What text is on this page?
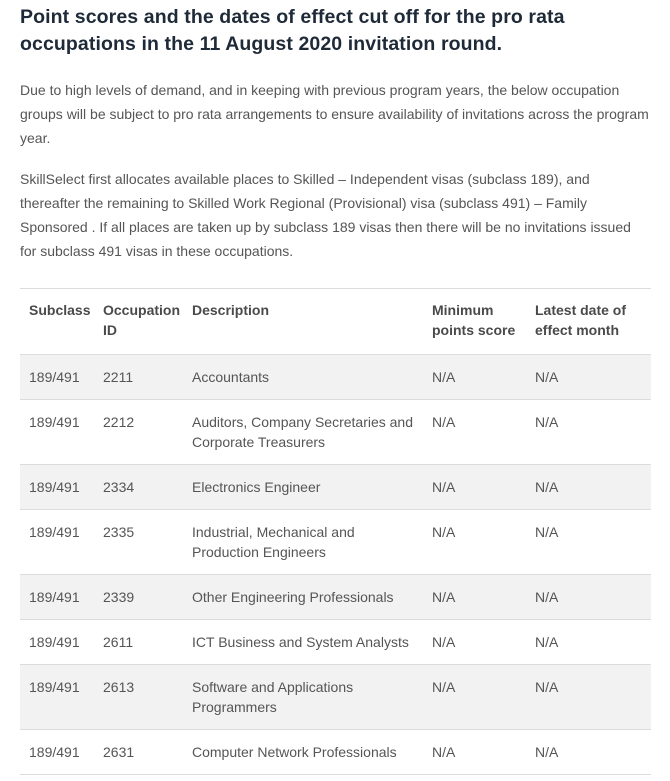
Point scores and the dates of effect cut off for the pro rata occupations in the 11 August 2020 invitation round.

Due to high levels of demand, and in keeping with previous program years, the below occupation groups will be subject to pro rata arrangements to ensure availability of invitations across the program year.

SkillSelect first allocates available places to Skilled – Independent visas (subclass 189), and thereafter the remaining to Skilled Work Regional (Provisional) visa (subclass 491) – Family Sponsored . If all places are taken up by subclass 189 visas then there will be no invitations issued for subclass 491 visas in these occupations.

Subclass	Occupation ID	Description	Minimum points score	Latest date of effect month
189/491	2211	Accountants	N/A	N/A
189/491	2212	Auditors, Company Secretaries and Corporate Treasurers	N/A	N/A
189/491	2334	Electronics Engineer	N/A	N/A
189/491	2335	Industrial, Mechanical and Production Engineers	N/A	N/A
189/491	2339	Other Engineering Professionals	N/A	N/A
189/491	2611	ICT Business and System Analysts	N/A	N/A
189/491	2613	Software and Applications Programmers	N/A	N/A
189/491	2631	Computer Network Professionals	N/A	N/A
